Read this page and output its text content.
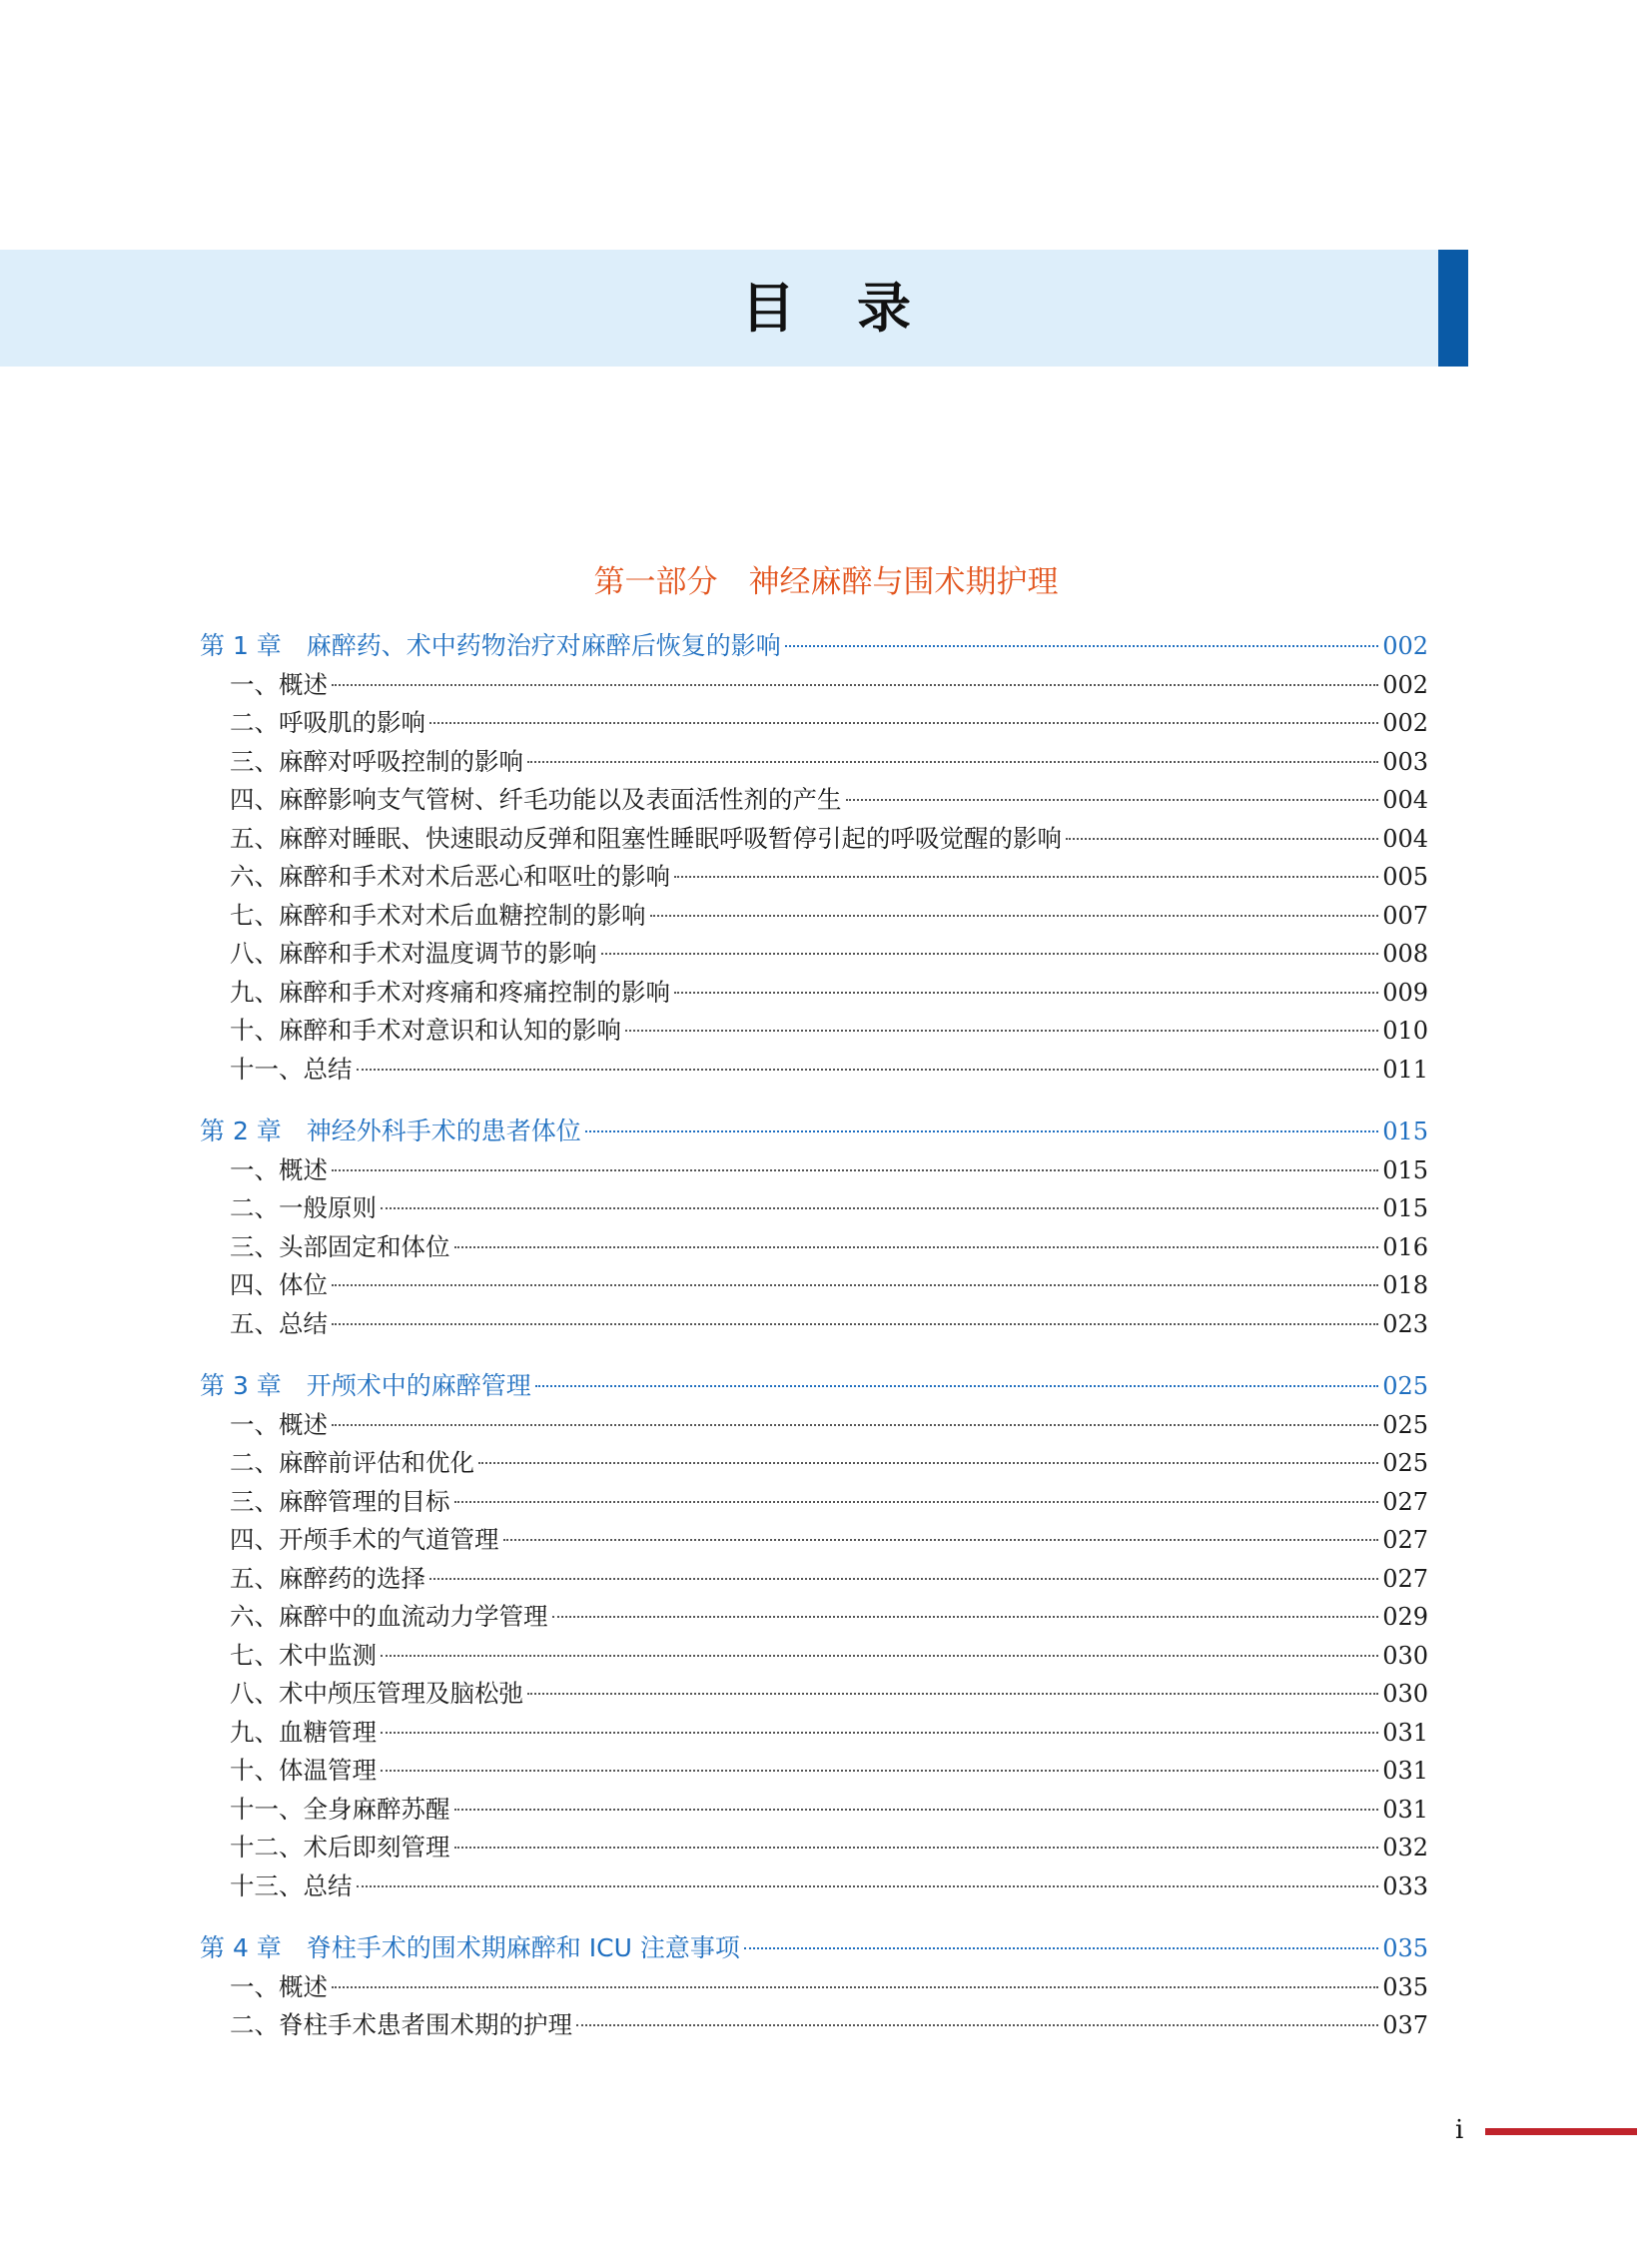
目录
第一部分　神经麻醉与围术期护理
第 1 章　麻醉药、术中药物治疗对麻醉后恢复的影响	002
一、概述	002
二、呼吸肌的影响	002
三、麻醉对呼吸控制的影响	003
四、麻醉影响支气管树、纤毛功能以及表面活性剂的产生	004
五、麻醉对睡眠、快速眼动反弹和阻塞性睡眠呼吸暂停引起的呼吸觉醒的影响	004
六、麻醉和手术对术后恶心和呕吐的影响	005
七、麻醉和手术对术后血糖控制的影响	007
八、麻醉和手术对温度调节的影响	008
九、麻醉和手术对疼痛和疼痛控制的影响	009
十、麻醉和手术对意识和认知的影响	010
十一、总结	011
第 2 章　神经外科手术的患者体位	015
一、概述	015
二、一般原则	015
三、头部固定和体位	016
四、体位	018
五、总结	023
第 3 章　开颅术中的麻醉管理	025
一、概述	025
二、麻醉前评估和优化	025
三、麻醉管理的目标	027
四、开颅手术的气道管理	027
五、麻醉药的选择	027
六、麻醉中的血流动力学管理	029
七、术中监测	030
八、术中颅压管理及脑松弛	030
九、血糖管理	031
十、体温管理	031
十一、全身麻醉苏醒	031
十二、术后即刻管理	032
十三、总结	033
第 4 章　脊柱手术的围术期麻醉和 ICU 注意事项	035
一、概述	035
二、脊柱手术患者围术期的护理	037
i
